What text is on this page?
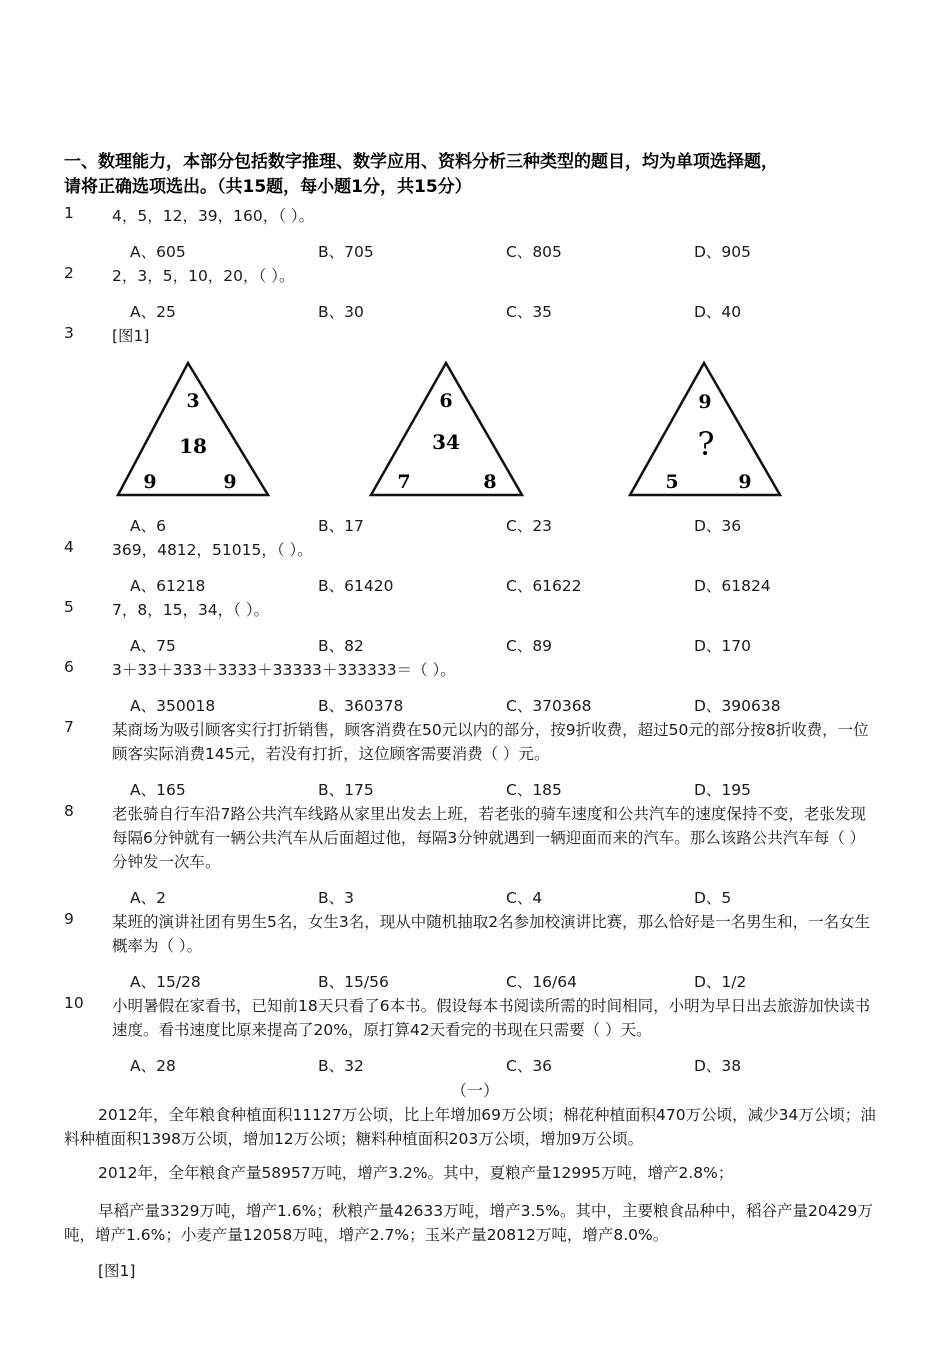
一、数理能力，本部分包括数字推理、数学应用、资料分析三种类型的题目，均为单项选择题，
请将正确选项选出。（共15题，每小题1分，共15分）
1 4，5，12，39，160，（ ）。
A、605	B、705	C、805	D、905
2 2，3，5，10，20，（ ）。
A、25	B、30	C、35	D、40
3 [图1]
3
18
9	9
6
34
7	8
9
?
5	9
A、6	B、17	C、23	D、36
4 369，4812，51015，（ ）。
A、61218	B、61420	C、61622	D、61824
5 7，8，15，34，（ ）。
A、75	B、82	C、89	D、170
6 3＋33＋333＋3333＋33333＋333333＝（ ）。
A、350018	B、360378	C、370368	D、390638
7 某商场为吸引顾客实行打折销售，顾客消费在50元以内的部分，按9折收费，超过50元的部分按8折收费，一位顾客实际消费145元，若没有打折，这位顾客需要消费（ ）元。
A、165	B、175	C、185	D、195
8 老张骑自行车沿7路公共汽车线路从家里出发去上班，若老张的骑车速度和公共汽车的速度保持不变，老张发现每隔6分钟就有一辆公共汽车从后面超过他，每隔3分钟就遇到一辆迎面而来的汽车。那么该路公共汽车每（ ）分钟发一次车。
A、2	B、3	C、4	D、5
9 某班的演讲社团有男生5名，女生3名，现从中随机抽取2名参加校演讲比赛，那么恰好是一名男生和，一名女生概率为（ ）。
A、15/28	B、15/56	C、16/64	D、1/2
10 小明暑假在家看书，已知前18天只看了6本书。假设每本书阅读所需的时间相同，小明为早日出去旅游加快读书速度。看书速度比原来提高了20%，原打算42天看完的书现在只需要（ ）天。
A、28	B、32	C、36	D、38
（一）
2012年，全年粮食种植面积11127万公顷，比上年增加69万公顷；棉花种植面积470万公顷，减少34万公顷；油料种植面积1398万公顷，增加12万公顷；糖料种植面积203万公顷，增加9万公顷。
2012年，全年粮食产量58957万吨，增产3.2%。其中，夏粮产量12995万吨，增产2.8%；
早稻产量3329万吨，增产1.6%；秋粮产量42633万吨，增产3.5%。其中，主要粮食品种中，稻谷产量20429万吨，增产1.6%；小麦产量12058万吨，增产2.7%；玉米产量20812万吨，增产8.0%。
[图1]
